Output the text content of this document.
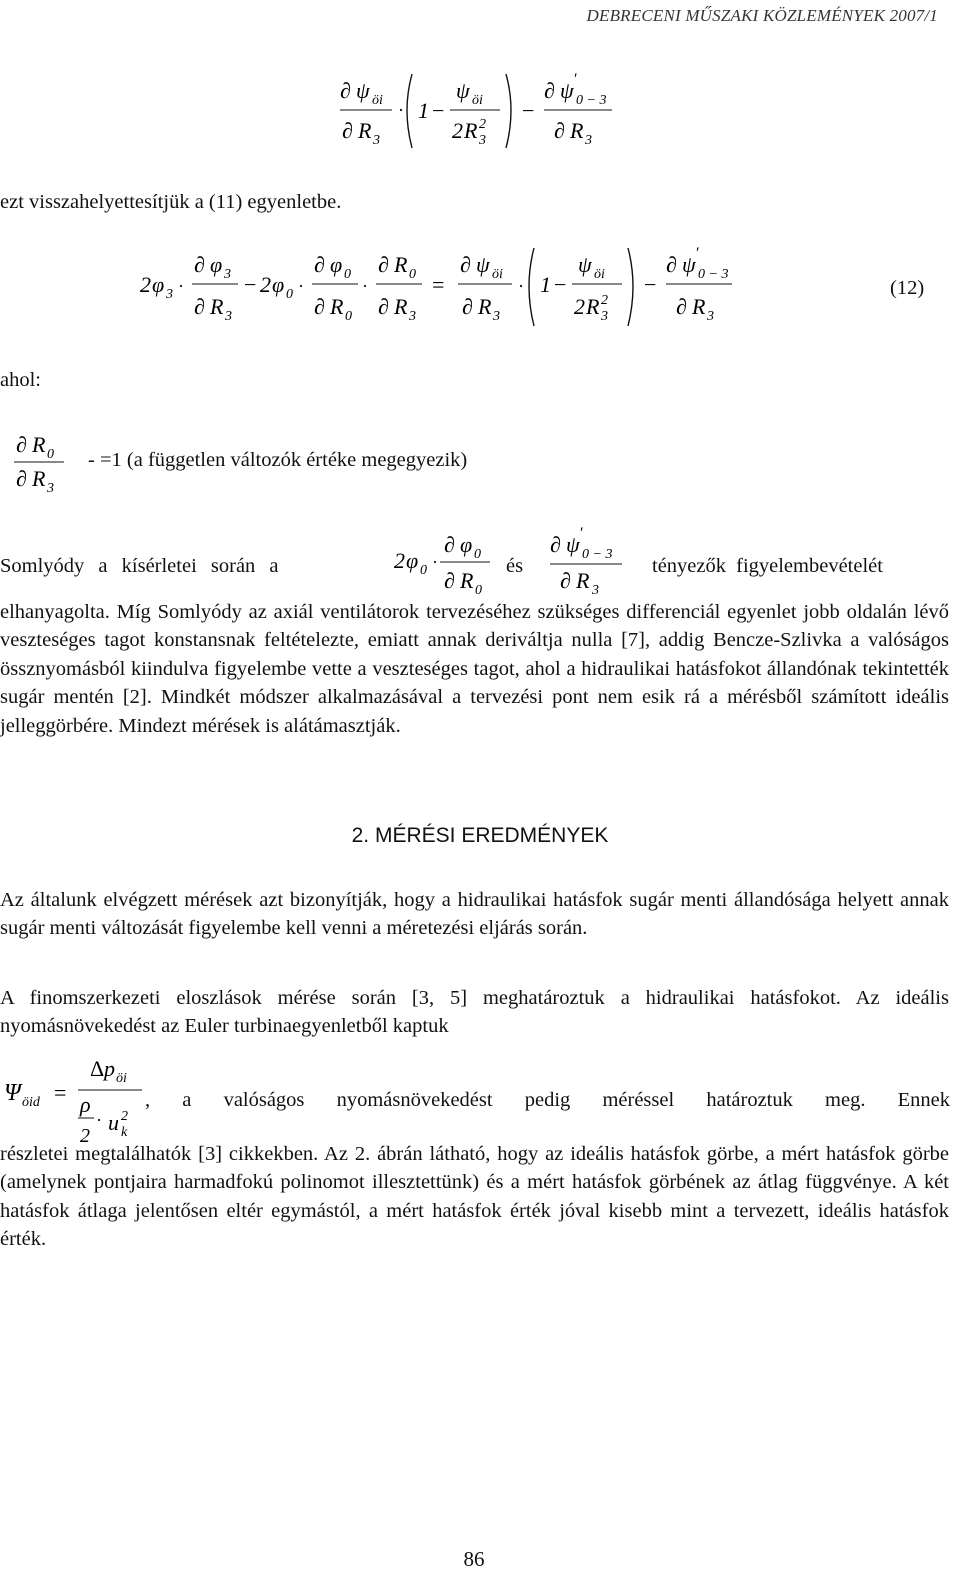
DEBRECENI MŰSZAKI KÖZLEMÉNYEK 2007/1
∂ ψ öi
∂ R 3
· 1 −
ψ öi
2 R 2
3
−
∂ ψ ′
0 − 3
∂ R 3
ezt visszahelyettesítjük a (11) egyenletbe.
2 φ 3 ·
∂ φ 3
∂ R 3
− 2 φ 0 ·
∂ φ 0
∂ R 0
·
∂ R 0
∂ R 3
=
∂ ψ öi
∂ R 3
· 1 −
ψ öi
2 R 2
3
−
∂ ψ ′
0 − 3
∂ R 3
(12)
ahol:
∂ R 0
∂ R 3
- =1 (a független változók értéke megegyezik)
Somlyódy a kísérletei során a	2 φ 0 ·
∂ φ 0
∂ R 0
és
∂ ψ ′
0 − 3
∂ R 3
tényezők figyelembevételét

elhanyagolta. Míg Somlyódy az axiál ventilátorok tervezéséhez szükséges differenciál egyenlet jobb oldalán lévő veszteséges tagot konstansnak feltételezte, emiatt annak deriváltja nulla [7], addig Bencze-Szlivka a valóságos össznyomásból kiindulva figyelembe vette a veszteséges tagot, ahol a hidraulikai hatásfokot állandónak tekintették sugár mentén [2]. Mindkét módszer alkalmazásával a tervezési pont nem esik rá a mérésből számított ideális jelleggörbére. Mindezt mérések is alátámasztják.

2. MÉRÉSI EREDMÉNYEK

Az általunk elvégzett mérések azt bizonyítják, hogy a hidraulikai hatásfok sugár menti állandósága helyett annak sugár menti változását figyelembe kell venni a méretezési eljárás során.

A finomszerkezeti eloszlások mérése során [3, 5] meghatároztuk a hidraulikai hatásfokot. Az ideális nyomásnövekedést az Euler turbinaegyenletből kaptuk

Ψ öid =
Δ p öi
ρ
· u 2
k
2
, a valóságos nyomásnövekedést pedig méréssel határoztuk meg. Ennek

részletei megtalálhatók [3] cikkekben. Az 2. ábrán látható, hogy az ideális hatásfok görbe, a mért hatásfok görbe (amelynek pontjaira harmadfokú polinomot illesztettünk) és a mért hatásfok görbének az átlag függvénye. A két hatásfok átlaga jelentősen eltér egymástól, a mért hatásfok érték jóval kisebb mint a tervezett, ideális hatásfok érték.

86
